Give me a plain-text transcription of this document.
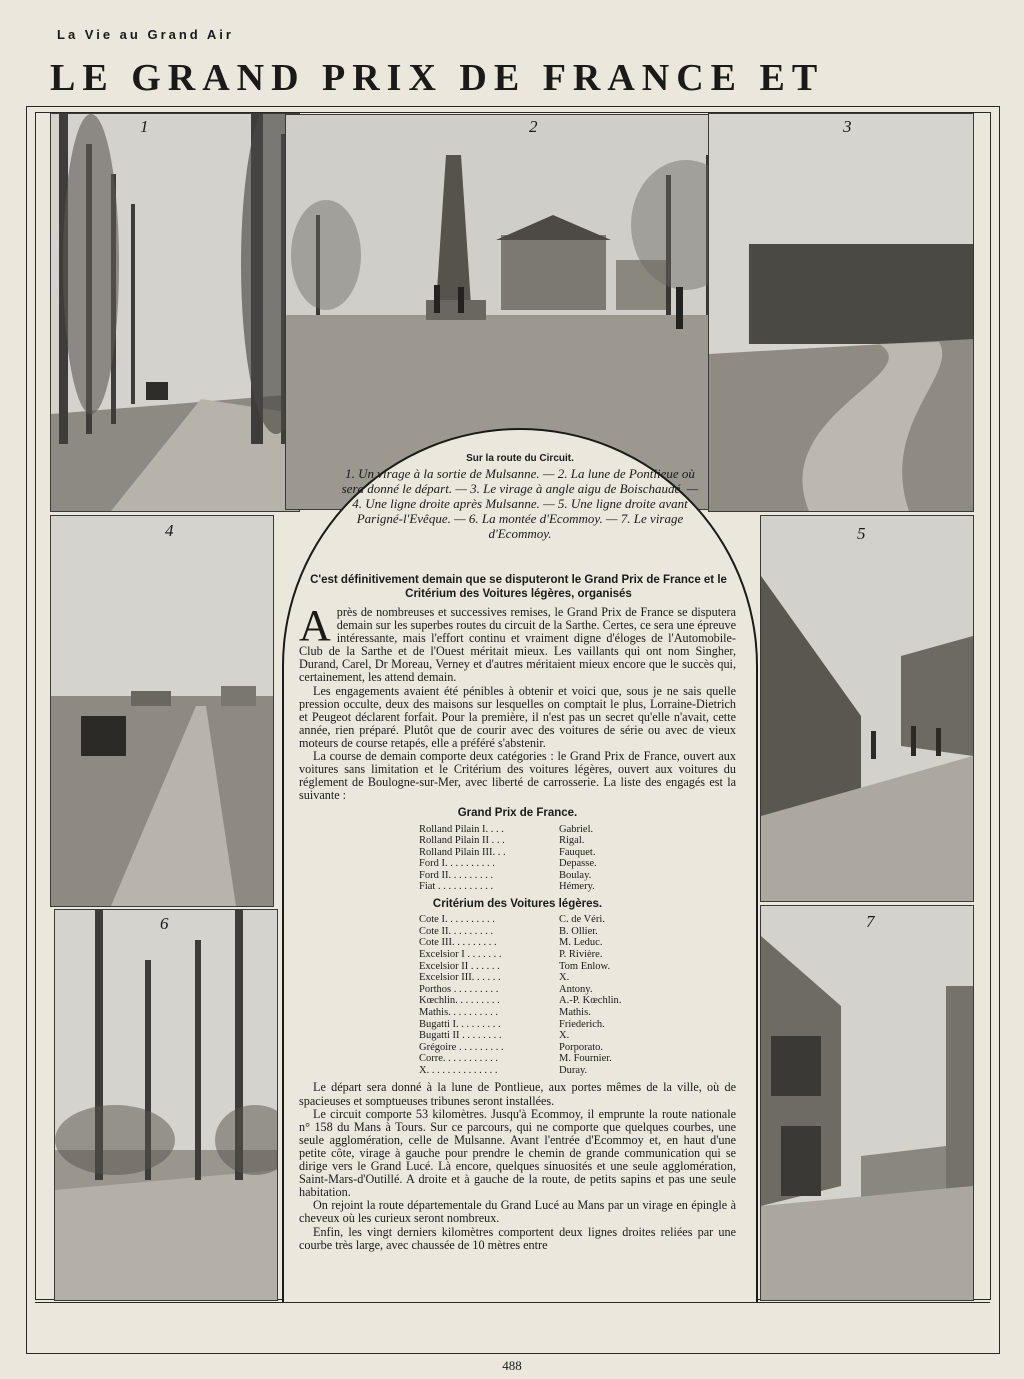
La Vie au Grand Air
LE GRAND PRIX DE FRANCE ET
1	2	3
4	5
6	7
Sur la route du Circuit.
1. Un virage à la sortie de Mulsanne. — 2. La lune de Pontlieue où sera donné le départ. — 3. Le virage à angle aigu de Boischaudé. — 4. Une ligne droite après Mulsanne. — 5. Une ligne droite avant Parigné-l'Evêque. — 6. La montée d'Ecommoy. — 7. Le virage d'Ecommoy.
C'est définitivement demain que se disputeront le Grand Prix de France et le Critérium des Voitures légères, organisés

Après de nombreuses et successives remises, le Grand Prix de France se disputera demain sur les superbes routes du circuit de la Sarthe. Certes, ce sera une épreuve intéressante, mais l'effort continu et vraiment digne d'éloges de l'Automobile-Club de la Sarthe et de l'Ouest méritait mieux. Les vaillants qui ont nom Singher, Durand, Carel, Dr Moreau, Verney et d'autres méritaient mieux encore que le succès qui, certainement, les attend demain.

Les engagements avaient été pénibles à obtenir et voici que, sous je ne sais quelle pression occulte, deux des maisons sur lesquelles on comptait le plus, Lorraine-Dietrich et Peugeot déclarent forfait. Pour la première, il n'est pas un secret qu'elle n'avait, cette année, rien préparé. Plutôt que de courir avec des voitures de série ou avec de vieux moteurs de course retapés, elle a préféré s'abstenir.

La course de demain comporte deux catégories : le Grand Prix de France, ouvert aux voitures sans limitation et le Critérium des voitures légères, ouvert aux voitures du réglement de Boulogne-sur-Mer, avec liberté de carrosserie. La liste des engagés est la suivante :

Grand Prix de France.
Rolland Pilain I. . . .	Gabriel.
Rolland Pilain II . . .	Rigal.
Rolland Pilain III. . .	Fauquet.
Ford I. . . . . . . . . .	Depasse.
Ford II. . . . . . . . .	Boulay.
Fiat . . . . . . . . . . .	Hémery.
Critérium des Voitures légères.
Cote I. . . . . . . . . .	C. de Véri.
Cote II. . . . . . . . .	B. Ollier.
Cote III. . . . . . . . .	M. Leduc.
Excelsior I . . . . . . .	P. Rivière.
Excelsior II . . . . . .	Tom Enlow.
Excelsior III. . . . . .	X.
Porthos . . . . . . . . .	Antony.
Kœchlin. . . . . . . . .	A.-P. Kœchlin.
Mathis. . . . . . . . . .	Mathis.
Bugatti I. . . . . . . . .	Friederich.
Bugatti II . . . . . . . .	X.
Grégoire . . . . . . . . .	Porporato.
Corre. . . . . . . . . . .	M. Fournier.
X. . . . . . . . . . . . . .	Duray.

Le départ sera donné à la lune de Pontlieue, aux portes mêmes de la ville, où de spacieuses et somptueuses tribunes seront installées.

Le circuit comporte 53 kilomètres. Jusqu'à Ecommoy, il emprunte la route nationale n° 158 du Mans à Tours. Sur ce parcours, qui ne comporte que quelques courbes, une seule agglomération, celle de Mulsanne. Avant l'entrée d'Ecommoy et, en haut d'une petite côte, virage à gauche pour prendre le chemin de grande communication qui se dirige vers le Grand Lucé. Là encore, quelques sinuosités et une seule agglomération, Saint-Mars-d'Outillé. A droite et à gauche de la route, de petits sapins et pas une seule habitation.

On rejoint la route départementale du Grand Lucé au Mans par un virage en épingle à cheveux où les curieux seront nombreux.

Enfin, les vingt derniers kilomètres comportent deux lignes droites reliées par une courbe très large, avec chaussée de 10 mètres entre

488
